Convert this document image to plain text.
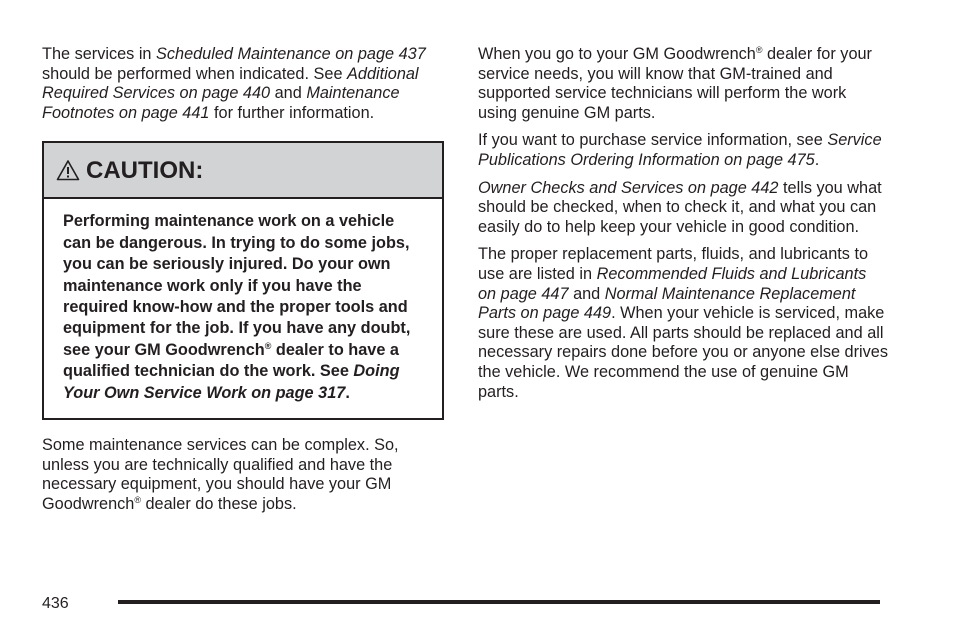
The services in Scheduled Maintenance on page 437 should be performed when indicated. See Additional Required Services on page 440 and Maintenance Footnotes on page 441 for further information.

CAUTION:
Performing maintenance work on a vehicle can be dangerous. In trying to do some jobs, you can be seriously injured. Do your own maintenance work only if you have the required know-how and the proper tools and equipment for the job. If you have any doubt, see your GM Goodwrench® dealer to have a qualified technician do the work. See Doing Your Own Service Work on page 317.

Some maintenance services can be complex. So, unless you are technically qualified and have the necessary equipment, you should have your GM Goodwrench® dealer do these jobs.

When you go to your GM Goodwrench® dealer for your service needs, you will know that GM-trained and supported service technicians will perform the work using genuine GM parts.

If you want to purchase service information, see Service Publications Ordering Information on page 475.

Owner Checks and Services on page 442 tells you what should be checked, when to check it, and what you can easily do to help keep your vehicle in good condition.

The proper replacement parts, fluids, and lubricants to use are listed in Recommended Fluids and Lubricants on page 447 and Normal Maintenance Replacement Parts on page 449. When your vehicle is serviced, make sure these are used. All parts should be replaced and all necessary repairs done before you or anyone else drives the vehicle. We recommend the use of genuine GM parts.

436
